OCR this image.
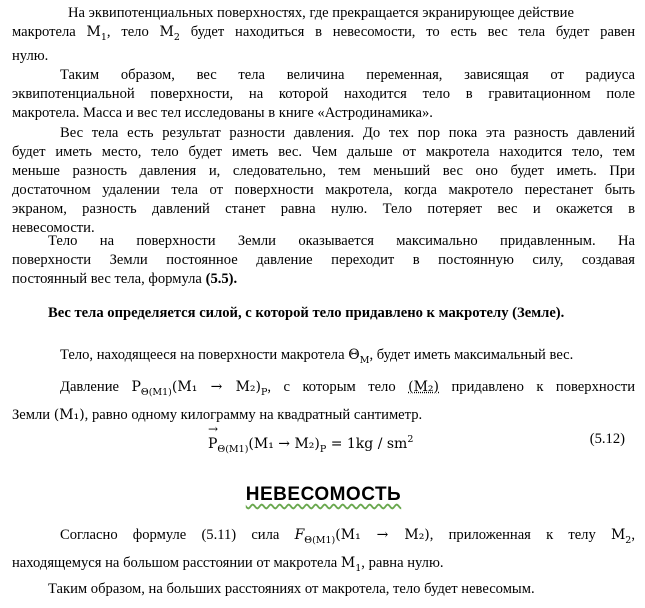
На эквипотенциальных поверхностях, где прекращается экранирующее действие
макротела $M_1$, тело $M_2$ будет находиться в невесомости, то есть вес тела будет равен
нулю.
Таким образом, вес тела величина переменная, зависящая от радиуса
эквипотенциальной поверхности, на которой находится тело в гравитационном поле
макротела. Масса и вес тел исследованы в книге «Астродинамика».
Вес тела есть результат разности давления. До тех пор пока эта разность давлений
будет иметь место, тело будет иметь вес. Чем дальше от макротела находится тело, тем
меньше разность давления и, следовательно, тем меньший вес оно будет иметь. При
достаточном удалении тела от поверхности макротела, когда макротело перестанет быть
экраном, разность давлений станет равна нулю. Тело потеряет вес и окажется в
невесомости.
Тело на поверхности Земли оказывается максимально придавленным. На
поверхности Земли постоянное давление переходит в постоянную силу, создавая
постоянный вес тела, формула (5.5).
Вес тела определяется силой, с которой тело придавлено к макротелу (Земле).
Тело, находящееся на поверхности макротела $\Theta_M$, будет иметь максимальный вес.
Давление → $P_{\Theta(M1)}(M_1 \to M_2)_P$, с которым тело (M₂) придавлено к поверхности
Земли (M₁), равно одному килограмму на квадратный сантиметр.
→ $P_{\Theta(M1)}(M_1 \to M_2)_P = 1kg / sm^2$	(5.12)
НЕВЕСОМОСТЬ
Согласно формуле (5.11) сила → $F_{\Theta(M1)}(M_1 \to M_2)$, приложенная к телу $M_2$,
находящемуся на большом расстоянии от макротела $M_1$, равна нулю.
Таким образом, на больших расстояниях от макротела, тело будет невесомым.
